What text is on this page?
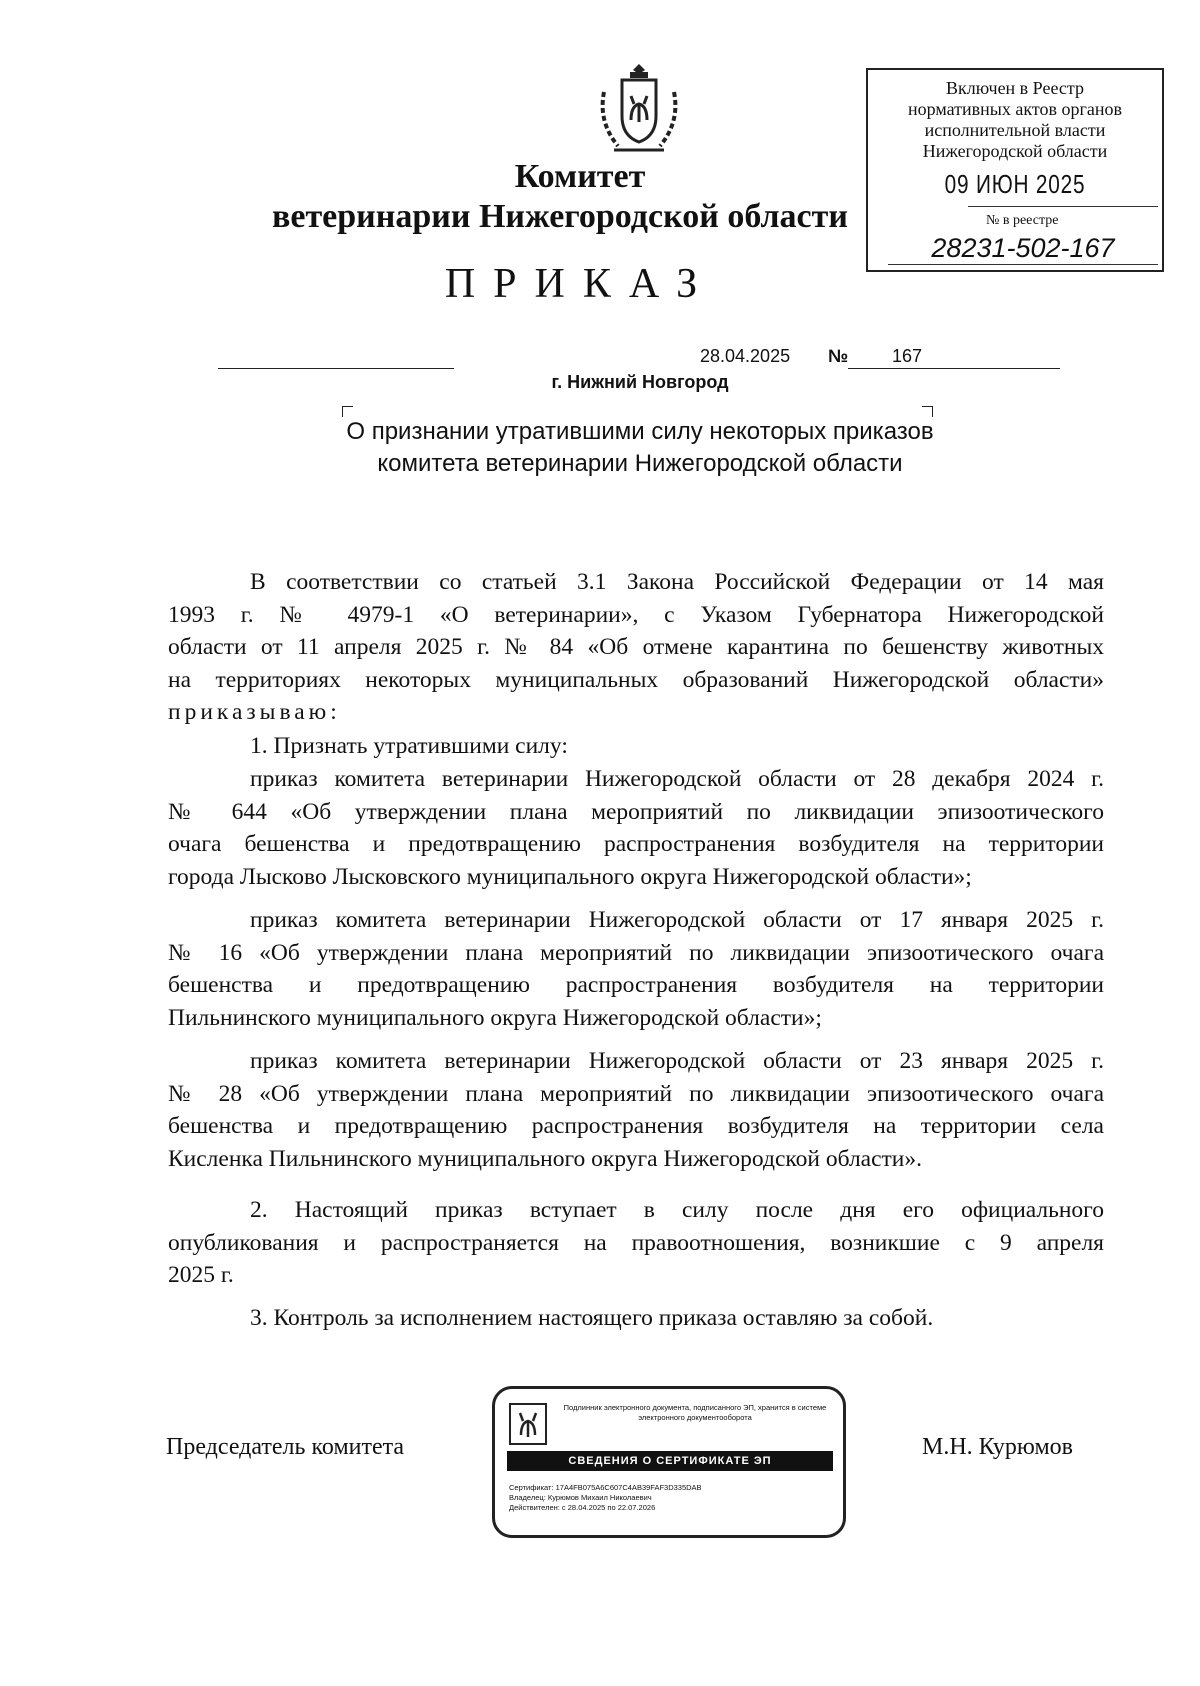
Комитет
ветеринарии Нижегородской области
ПРИКАЗ
Включен в Реестр
нормативных актов органов
исполнительной власти
Нижегородской области
09 ИЮН 2025
№ в реестре
28231-502-167
28.04.2025 № 167
г. Нижний Новгород
О признании утратившими силу некоторых приказов комитета ветеринарии Нижегородской области
В соответствии со статьей 3.1 Закона Российской Федерации от 14 мая
1993 г. № 4979-1 «О ветеринарии», с Указом Губернатора Нижегородской
области от 11 апреля 2025 г. № 84 «Об отмене карантина по бешенству животных
на территориях некоторых муниципальных образований Нижегородской области»
приказываю:
1. Признать утратившими силу:
приказ комитета ветеринарии Нижегородской области от 28 декабря 2024 г.
№ 644 «Об утверждении плана мероприятий по ликвидации эпизоотического
очага бешенства и предотвращению распространения возбудителя на территории
города Лысково Лысковского муниципального округа Нижегородской области»;
приказ комитета ветеринарии Нижегородской области от 17 января 2025 г.
№ 16 «Об утверждении плана мероприятий по ликвидации эпизоотического очага
бешенства и предотвращению распространения возбудителя на территории
Пильнинского муниципального округа Нижегородской области»;
приказ комитета ветеринарии Нижегородской области от 23 января 2025 г.
№ 28 «Об утверждении плана мероприятий по ликвидации эпизоотического очага
бешенства и предотвращению распространения возбудителя на территории села
Кисленка Пильнинского муниципального округа Нижегородской области».
2. Настоящий приказ вступает в силу после дня его официального
опубликования и распространяется на правоотношения, возникшие с 9 апреля
2025 г.
3. Контроль за исполнением настоящего приказа оставляю за собой.
Председатель комитета	М.Н. Курюмов
Подлинник электронного документа, подписанного ЭП, хранится в системе электронного документооборота
СВЕДЕНИЯ О СЕРТИФИКАТЕ ЭП
Сертификат: 17A4FB075A6C607C4AB39FAF3D335DAB
Владелец: Курюмов Михаил Николаевич
Действителен: с 28.04.2025 по 22.07.2026
